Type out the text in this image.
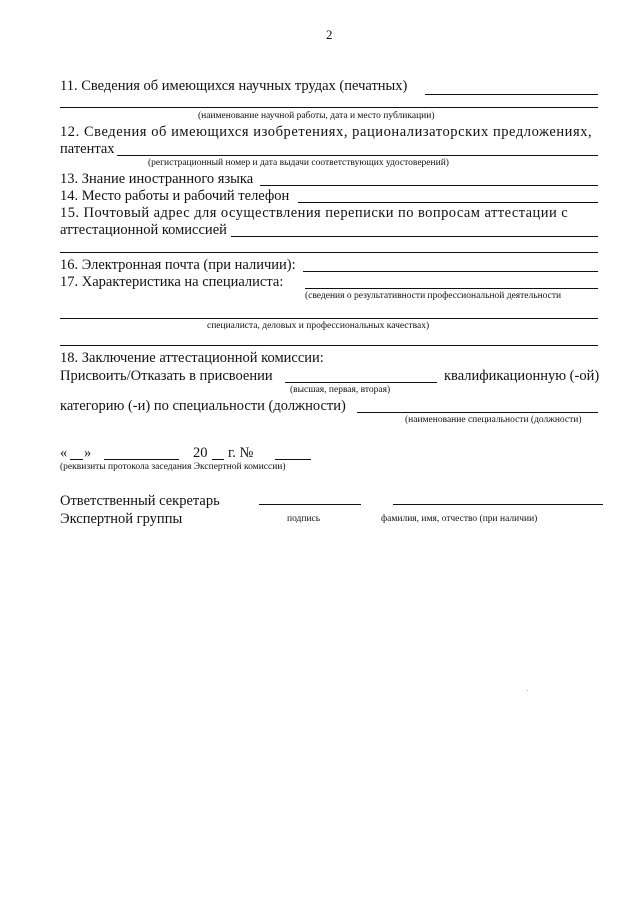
2
11. Сведения об имеющихся научных трудах (печатных)
(наименование научной работы, дата и место публикации)
12. Сведения об имеющихся изобретениях, рационализаторских предложениях,
патентах
(регистрационный номер и дата выдачи соответствующих удостоверений)
13. Знание иностранного языка
14. Место работы и рабочий телефон
15. Почтовый адрес для осуществления переписки по вопросам аттестации с
аттестационной комиссией
16. Электронная почта (при наличии):
17. Характеристика на специалиста:
(сведения о результативности профессиональной деятельности
специалиста, деловых и профессиональных качествах)
18. Заключение аттестационной комиссии:
Присвоить/Отказать в присвоении	квалификационную (-ой)
(высшая, первая, вторая)
категорию (-и) по специальности (должности)
(наименование специальности (должности)
« »	20 г. №
(реквизиты протокола заседания Экспертной комиссии)
Ответственный секретарь
Экспертной группы	подпись	фамилия, имя, отчество (при наличии)
